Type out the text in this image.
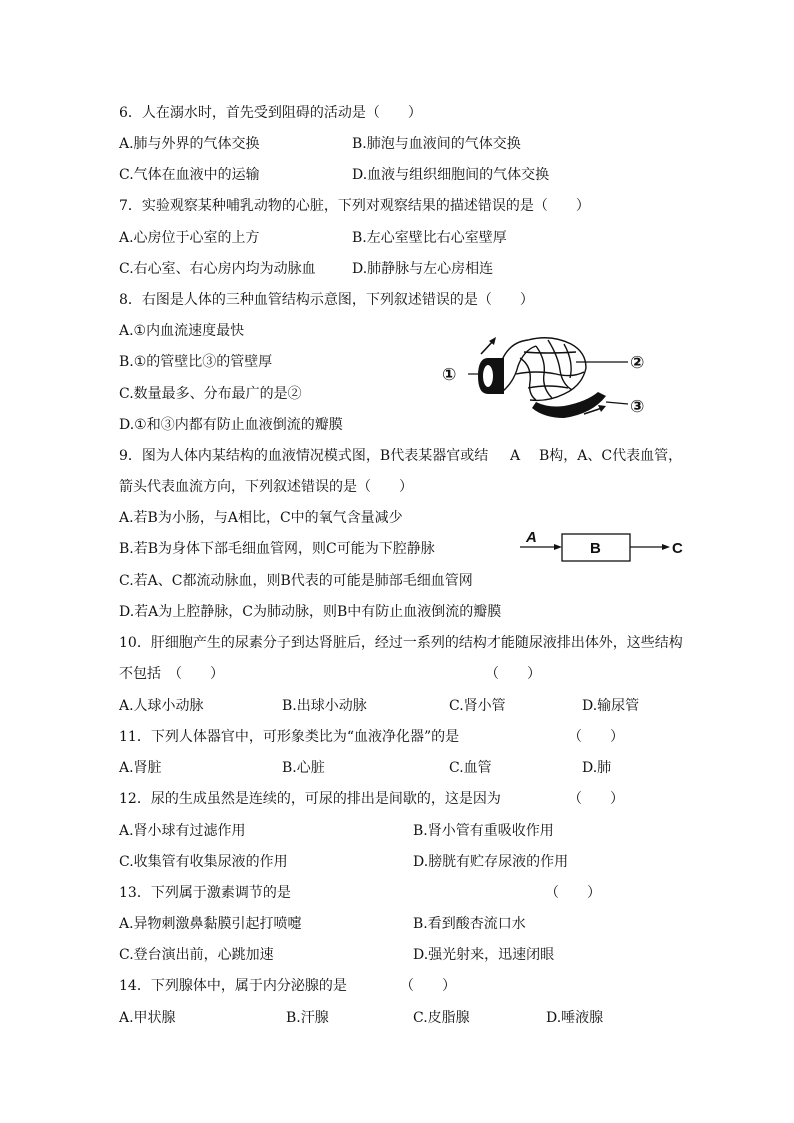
6．人在溺水时，首先受到阻碍的活动是（　　）
A.肺与外界的气体交换	B.肺泡与血液间的气体交换
C.气体在血液中的运输	D.血液与组织细胞间的气体交换
7．实验观察某种哺乳动物的心脏，下列对观察结果的描述错误的是（　　）
A.心房位于心室的上方	B.左心室壁比右心室壁厚
C.右心室、右心房内均为动脉血	D.肺静脉与左心房相连
8．右图是人体的三种血管结构示意图，下列叙述错误的是（　　）
A.①内血流速度最快
B.①的管壁比③的管壁厚
C.数量最多、分布最广的是②
D.①和③内都有防止血液倒流的瓣膜
①
②
③
9．图为人体内某结构的血液情况模式图，B代表某器官或结 A B构，A、C代表血管，
箭头代表血流方向，下列叙述错误的是（　　）
A.若B为小肠，与A相比，C中的氧气含量减少
B.若B为身体下部毛细血管网，则C可能为下腔静脉
C.若A、C都流动脉血，则B代表的可能是肺部毛细血管网
D.若A为上腔静脉，C为肺动脉，则B中有防止血液倒流的瓣膜
A
B	C
10．肝细胞产生的尿素分子到达肾脏后，经过一系列的结构才能随尿液排出体外，这些结构
不包括　（　　）	（　　）
A.人球小动脉	B.出球小动脉	C.肾小管	D.输尿管
11．下列人体器官中，可形象类比为“血液净化器”的是	（　　）
A.肾脏	B.心脏	C.血管	D.肺
12．尿的生成虽然是连续的，可尿的排出是间歇的，这是因为	（　　）
A.肾小球有过滤作用	B.肾小管有重吸收作用
C.收集管有收集尿液的作用	D.膀胱有贮存尿液的作用
13．下列属于激素调节的是	（　　）
A.异物刺激鼻黏膜引起打喷嚏	B.看到酸杏流口水
C.登台演出前，心跳加速	D.强光射来，迅速闭眼
14．下列腺体中，属于内分泌腺的是	（　　）
A.甲状腺	B.汗腺	C.皮脂腺	D.唾液腺
